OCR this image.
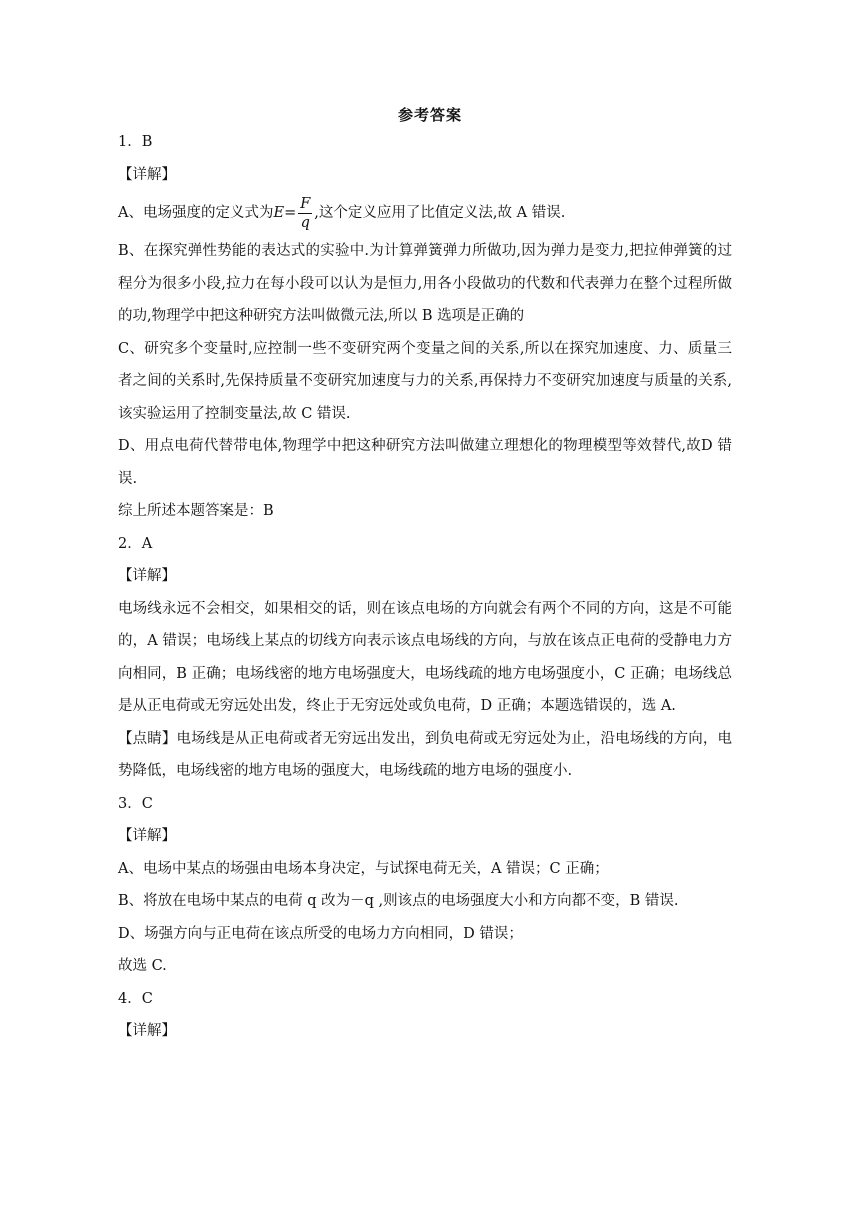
参考答案

1．B

【详解】

A、电场强度的定义式为$E= \frac{F}{q}$ ,这个定义应用了比值定义法,故 A 错误.

B、在探究弹性势能的表达式的实验中.为计算弹簧弹力所做功,因为弹力是变力,把拉伸弹簧的过程分为很多小段,拉力在每小段可以认为是恒力,用各小段做功的代数和代表弹力在整个过程所做的功,物理学中把这种研究方法叫做微元法,所以 B 选项是正确的

C、研究多个变量时,应控制一些不变研究两个变量之间的关系,所以在探究加速度、力、质量三者之间的关系时,先保持质量不变研究加速度与力的关系,再保持力不变研究加速度与质量的关系,该实验运用了控制变量法,故 C 错误.

D、用点电荷代替带电体,物理学中把这种研究方法叫做建立理想化的物理模型等效替代,故D 错误.

综上所述本题答案是：B

2．A

【详解】

电场线永远不会相交，如果相交的话，则在该点电场的方向就会有两个不同的方向，这是不可能的，A 错误；电场线上某点的切线方向表示该点电场线的方向，与放在该点正电荷的受静电力方向相同，B 正确；电场线密的地方电场强度大，电场线疏的地方电场强度小，C 正确；电场线总是从正电荷或无穷远处出发，终止于无穷远处或负电荷，D 正确；本题选错误的，选 A.

【点睛】电场线是从正电荷或者无穷远出发出，到负电荷或无穷远处为止，沿电场线的方向，电势降低，电场线密的地方电场的强度大，电场线疏的地方电场的强度小.

3．C

【详解】

A、电场中某点的场强由电场本身决定，与试探电荷无关，A 错误；C 正确；

B、将放在电场中某点的电荷 q 改为－q ,则该点的电场强度大小和方向都不变，B 错误.

D、场强方向与正电荷在该点所受的电场力方向相同，D 错误；

故选 C.

4．C

【详解】
